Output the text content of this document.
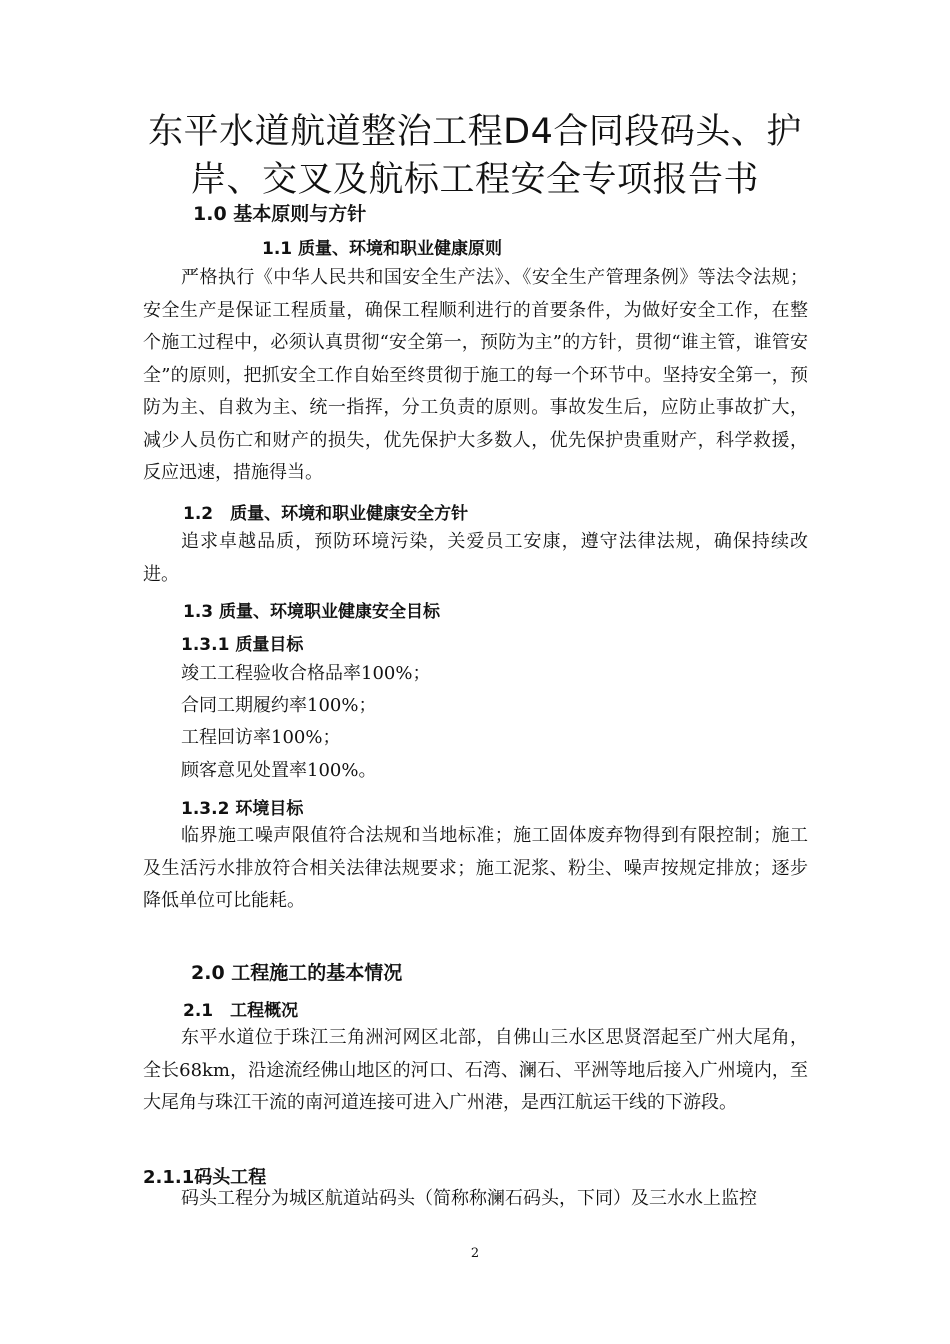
东平水道航道整治工程D4合同段码头、护岸、交叉及航标工程安全专项报告书
1.0 基本原则与方针
1.1 质量、环境和职业健康原则
严格执行《中华人民共和国安全生产法》、《安全生产管理条例》等法令法规；安全生产是保证工程质量，确保工程顺利进行的首要条件，为做好安全工作，在整个施工过程中，必须认真贯彻“安全第一，预防为主”的方针，贯彻“谁主管，谁管安全”的原则，把抓安全工作自始至终贯彻于施工的每一个环节中。坚持安全第一，预防为主、自救为主、统一指挥，分工负责的原则。事故发生后，应防止事故扩大，减少人员伤亡和财产的损失，优先保护大多数人，优先保护贵重财产，科学救援，反应迅速，措施得当。
1.2　质量、环境和职业健康安全方针
追求卓越品质，预防环境污染，关爱员工安康，遵守法律法规，确保持续改进。
1.3 质量、环境职业健康安全目标
1.3.1 质量目标
竣工工程验收合格品率100%；
合同工期履约率100%；
工程回访率100%；
顾客意见处置率100%。
1.3.2 环境目标
临界施工噪声限值符合法规和当地标准；施工固体废弃物得到有限控制；施工及生活污水排放符合相关法律法规要求；施工泥浆、粉尘、噪声按规定排放；逐步降低单位可比能耗。
2.0 工程施工的基本情况
2.1　工程概况
东平水道位于珠江三角洲河网区北部，自佛山三水区思贤滘起至广州大尾角，全长68km，沿途流经佛山地区的河口、石湾、澜石、平洲等地后接入广州境内，至大尾角与珠江干流的南河道连接可进入广州港，是西江航运干线的下游段。
2.1.1码头工程
码头工程分为城区航道站码头（简称称澜石码头，下同）及三水水上监控
2
